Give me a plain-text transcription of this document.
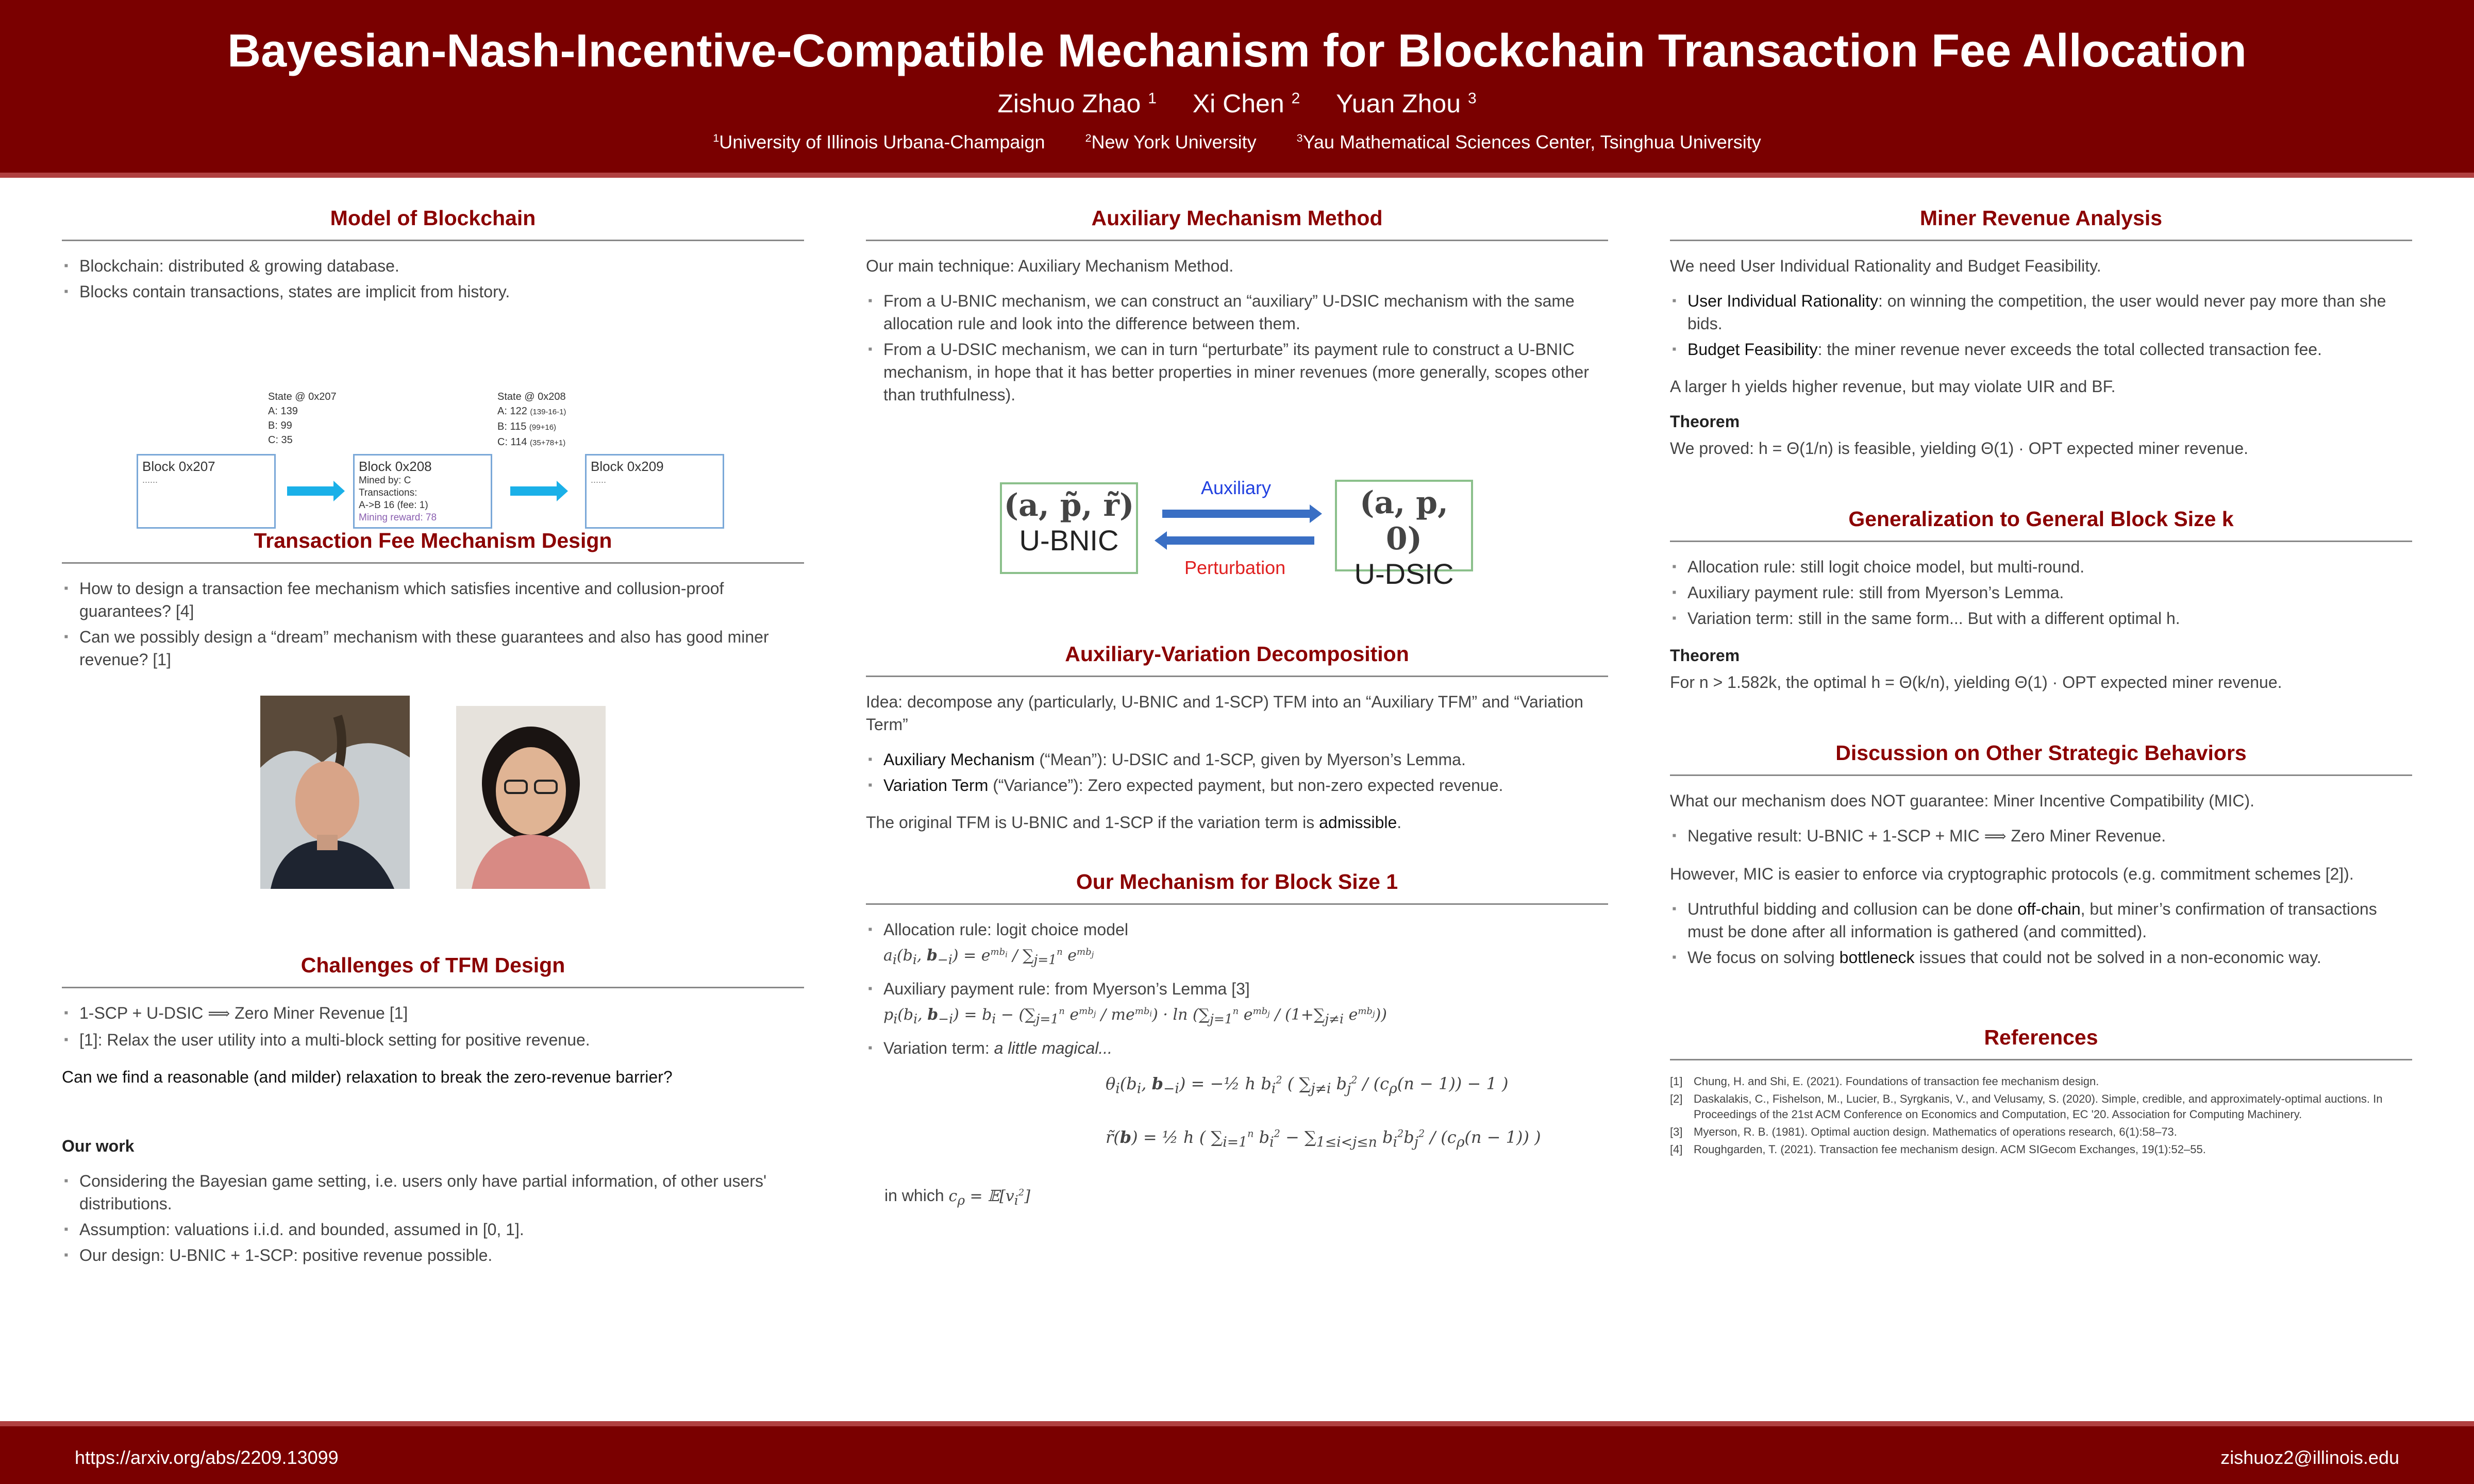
Bayesian-Nash-Incentive-Compatible Mechanism for Blockchain Transaction Fee Allocation
Zishuo Zhao $^1$ Xi Chen $^2$ Yuan Zhou $^3$
$^1$University of Illinois Urbana-Champaign	$^2$New York University	$^3$Yau Mathematical Sciences Center, Tsinghua University
Model of Blockchain
▪ Blockchain: distributed & growing database.
▪ Blocks contain transactions, states are implicit from history.
State @ 0x207
A: 139
B: 99
C: 35
State @ 0x208
A: 122 (139-16-1)
B: 115 (99+16)
C: 114 (35+78+1)
Block 0x207
......
Block 0x208
Mined by: C
Transactions:
A->B 16 (fee: 1)
Mining reward: 78
Block 0x209
......
Transaction Fee Mechanism Design
▪ How to design a transaction fee mechanism which satisfies incentive and collusion-proof guarantees? [4]
▪ Can we possibly design a “dream” mechanism with these guarantees and also has good miner revenue? [1]
Challenges of TFM Design
▪ 1-SCP + U-DSIC ⟹ Zero Miner Revenue [1]
▪ [1]: Relax the user utility into a multi-block setting for positive revenue.

Can we find a reasonable (and milder) relaxation to break the zero-revenue barrier?

Our work

▪ Considering the Bayesian game setting, i.e. users only have partial information, of other users' distributions.
▪ Assumption: valuations i.i.d. and bounded, assumed in [0, 1].
▪ Our design: U-BNIC + 1-SCP: positive revenue possible.
Auxiliary Mechanism Method

Our main technique: Auxiliary Mechanism Method.

▪ From a U-BNIC mechanism, we can construct an “auxiliary” U-DSIC mechanism with the same allocation rule and look into the difference between them.
▪ From a U-DSIC mechanism, we can in turn “perturbate” its payment rule to construct a U-BNIC mechanism, in hope that it has better properties in miner revenues (more generally, scopes other than truthfulness).
(a, p̃, r̃)
U-BNIC
(a, p, 0)
U-DSIC
Auxiliary
Perturbation
Auxiliary-Variation Decomposition

Idea: decompose any (particularly, U-BNIC and 1-SCP) TFM into an “Auxiliary TFM” and “Variation Term”

▪ Auxiliary Mechanism (“Mean”): U-DSIC and 1-SCP, given by Myerson’s Lemma.
▪ Variation Term (“Variance”): Zero expected payment, but non-zero expected revenue.

The original TFM is U-BNIC and 1-SCP if the variation term is admissible.

Our Mechanism for Block Size 1
▪ Allocation rule: logit choice model
$a_i(b_i$, $b_{-i}) = e^{mb_i} / \sum_{j=1}^n$ $e^{mb_j}$
▪ Auxiliary payment rule: from Myerson’s Lemma [3]
$p_i(b_i$, $b_{-i}) = b_i - (\sum_{j=1}^n$ $e^{mb_j} / me^{mb_i}) \cdot \ln (\sum_{j=1}^n$ $e^{mb_j} / (1+\sum_{j\ne i}$ $e^{mb_j}$))
▪ Variation term: a little magical...
$\theta_i(b_i$, $b_{-i}$) = −½ h $b_i^2$ ( $\sum_{j\ne i}$ $b_j^2 / (c_\rho(n - 1)) - 1$ )
r̃(b) = ½ h ( $\sum_{i=1}^n$ $b_i^2 - \sum_{1\le i<j\le n}$ $b_i^2b_j^2 / (c_\rho(n - 1))$ )

in which $c_\rho$ = $𝔼[v_i^2]$

Miner Revenue Analysis

We need User Individual Rationality and Budget Feasibility.

▪ User Individual Rationality: on winning the competition, the user would never pay more than she bids.
▪ Budget Feasibility: the miner revenue never exceeds the total collected transaction fee.

A larger h yields higher revenue, but may violate UIR and BF.

Theorem

We proved: h = Θ(1/n) is feasible, yielding Θ(1) · OPT expected miner revenue.

Generalization to General Block Size k
▪ Allocation rule: still logit choice model, but multi-round.
▪ Auxiliary payment rule: still from Myerson’s Lemma.
▪ Variation term: still in the same form... But with a different optimal h.

Theorem

For n > 1.582k, the optimal h = Θ(k/n), yielding Θ(1) · OPT expected miner revenue.

Discussion on Other Strategic Behaviors

What our mechanism does NOT guarantee: Miner Incentive Compatibility (MIC).

▪ Negative result: U-BNIC + 1-SCP + MIC ⟹ Zero Miner Revenue.

However, MIC is easier to enforce via cryptographic protocols (e.g. commitment schemes [2]).

▪ Untruthful bidding and collusion can be done off-chain, but miner’s confirmation of transactions must be done after all information is gathered (and committed).
▪ We focus on solving bottleneck issues that could not be solved in a non-economic way.
References
[1] Chung, H. and Shi, E. (2021). Foundations of transaction fee mechanism design.
[2] Daskalakis, C., Fishelson, M., Lucier, B., Syrgkanis, V., and Velusamy, S. (2020). Simple, credible, and approximately-optimal auctions. In Proceedings of the 21st ACM Conference on Economics and Computation, EC '20. Association for Computing Machinery.
[3] Myerson, R. B. (1981). Optimal auction design. Mathematics of operations research, 6(1):58–73.
[4] Roughgarden, T. (2021). Transaction fee mechanism design. ACM SIGecom Exchanges, 19(1):52–55.
https://arxiv.org/abs/2209.13099	zishuoz2@illinois.edu
